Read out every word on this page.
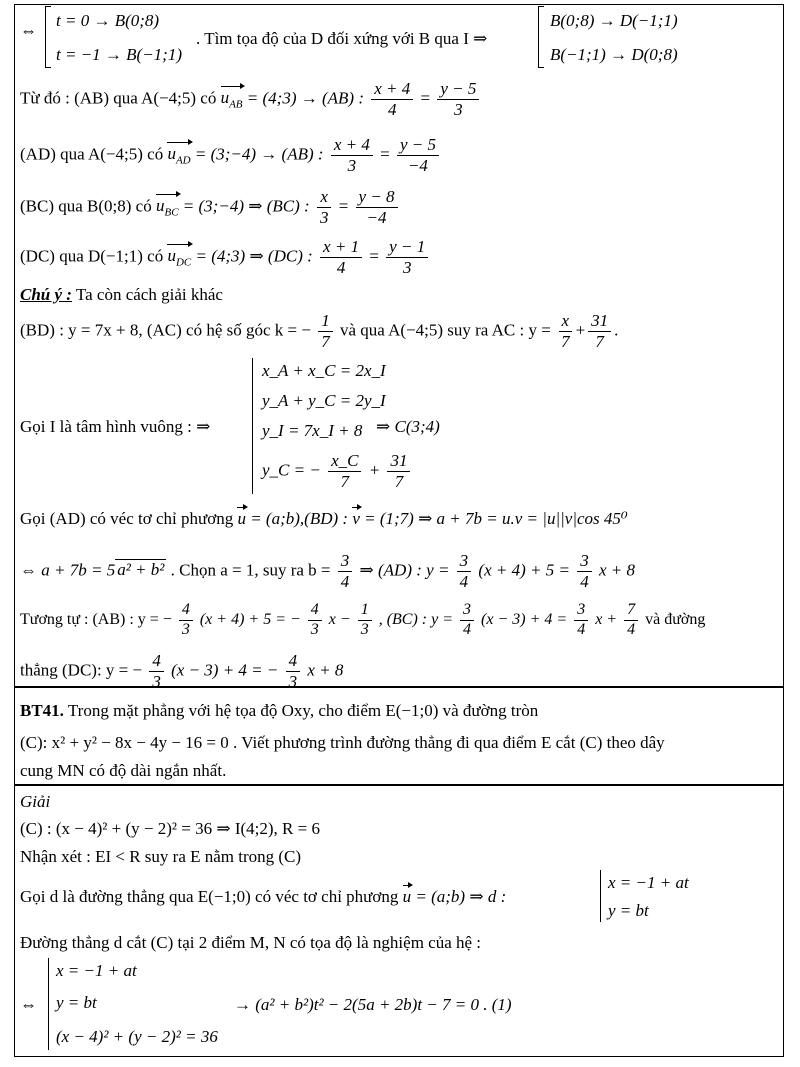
⇔
t = 0 → B(0;8)
t = −1 → B(−1;1)
. Tìm tọa độ của D đối xứng với B qua I ⇒
B(0;8) → D(−1;1)
B(−1;1) → D(0;8)
Từ đó : (AB) qua A(−4;5) có $u_{AB}$ = (4;3) → (AB) : $\frac{x + 4}{4} = \frac{y - 5}{3}$
(AD) qua A(−4;5) có $u_{AD}$ = (3;−4) → (AB) : $\frac{x + 4}{3} = \frac{y - 5}{-4}$
(BC) qua B(0;8) có $u_{BC}$ = (3;−4) ⇒ (BC) : $\frac{x}{3} = \frac{y - 8}{-4}$
(DC) qua D(−1;1) có $u_{DC}$ = (4;3) ⇒ (DC) : $\frac{x + 1}{4} = \frac{y - 1}{3}$
Chú ý : Ta còn cách giải khác
(BD) : y = 7x + 8, (AC) có hệ số góc k = − $\frac{1}{7}$ và qua A(−4;5) suy ra AC : $y = \frac{x}{7} + \frac{31}{7}$ .
Gọi I là tâm hình vuông : ⇒
x_A + x_C = 2x_I
y_A + y_C = 2y_I
y_I = 7x_I + 8
y_C = − $\frac{x\_C}{7} + \frac{31}{7}$
⇒ C(3;4)
Gọi (AD) có véc tơ chỉ phương u = (a;b),(BD) : v = (1;7) ⇒ a + 7b = u.v = |u||v|cos 45⁰
⇔ a + 7b = 5 a² + b² . Chọn a = 1, suy ra $b = \frac{3}{4}$ ⇒ (AD) : $y = \frac{3}{4} (x + 4) + 5 = \frac{3}{4}$ x + 8
Tương tự : (AB) : y = − $\frac{4}{3} (x + 4) + 5$ = − $\frac{4}{3}$ $x - \frac{1}{3}$ , (BC) : $y = \frac{3}{4} (x - 3) + 4 = \frac{3}{4}$ $x + \frac{7}{4}$ và đường
thẳng (DC): y = − $\frac{4}{3} (x - 3) + 4$ = − $\frac{4}{3}$ x + 8
BT41. Trong mặt phẳng với hệ tọa độ Oxy, cho điểm E(−1;0) và đường tròn
(C): x² + y² − 8x − 4y − 16 = 0 . Viết phương trình đường thẳng đi qua điểm E cắt (C) theo dây
cung MN có độ dài ngắn nhất.
Giải
(C) : (x − 4)² + (y − 2)² = 36 ⇒ I(4;2), R = 6
Nhận xét : EI < R suy ra E nằm trong (C)
Gọi d là đường thẳng qua E(−1;0) có véc tơ chỉ phương u = (a;b) ⇒ d :
x = −1 + at
y = bt
Đường thẳng d cắt (C) tại 2 điểm M, N có tọa độ là nghiệm của hệ :
⇔
x = −1 + at
y = bt
(x − 4)² + (y − 2)² = 36
→ (a² + b²)t² − 2(5a + 2b)t − 7 = 0 . (1)
